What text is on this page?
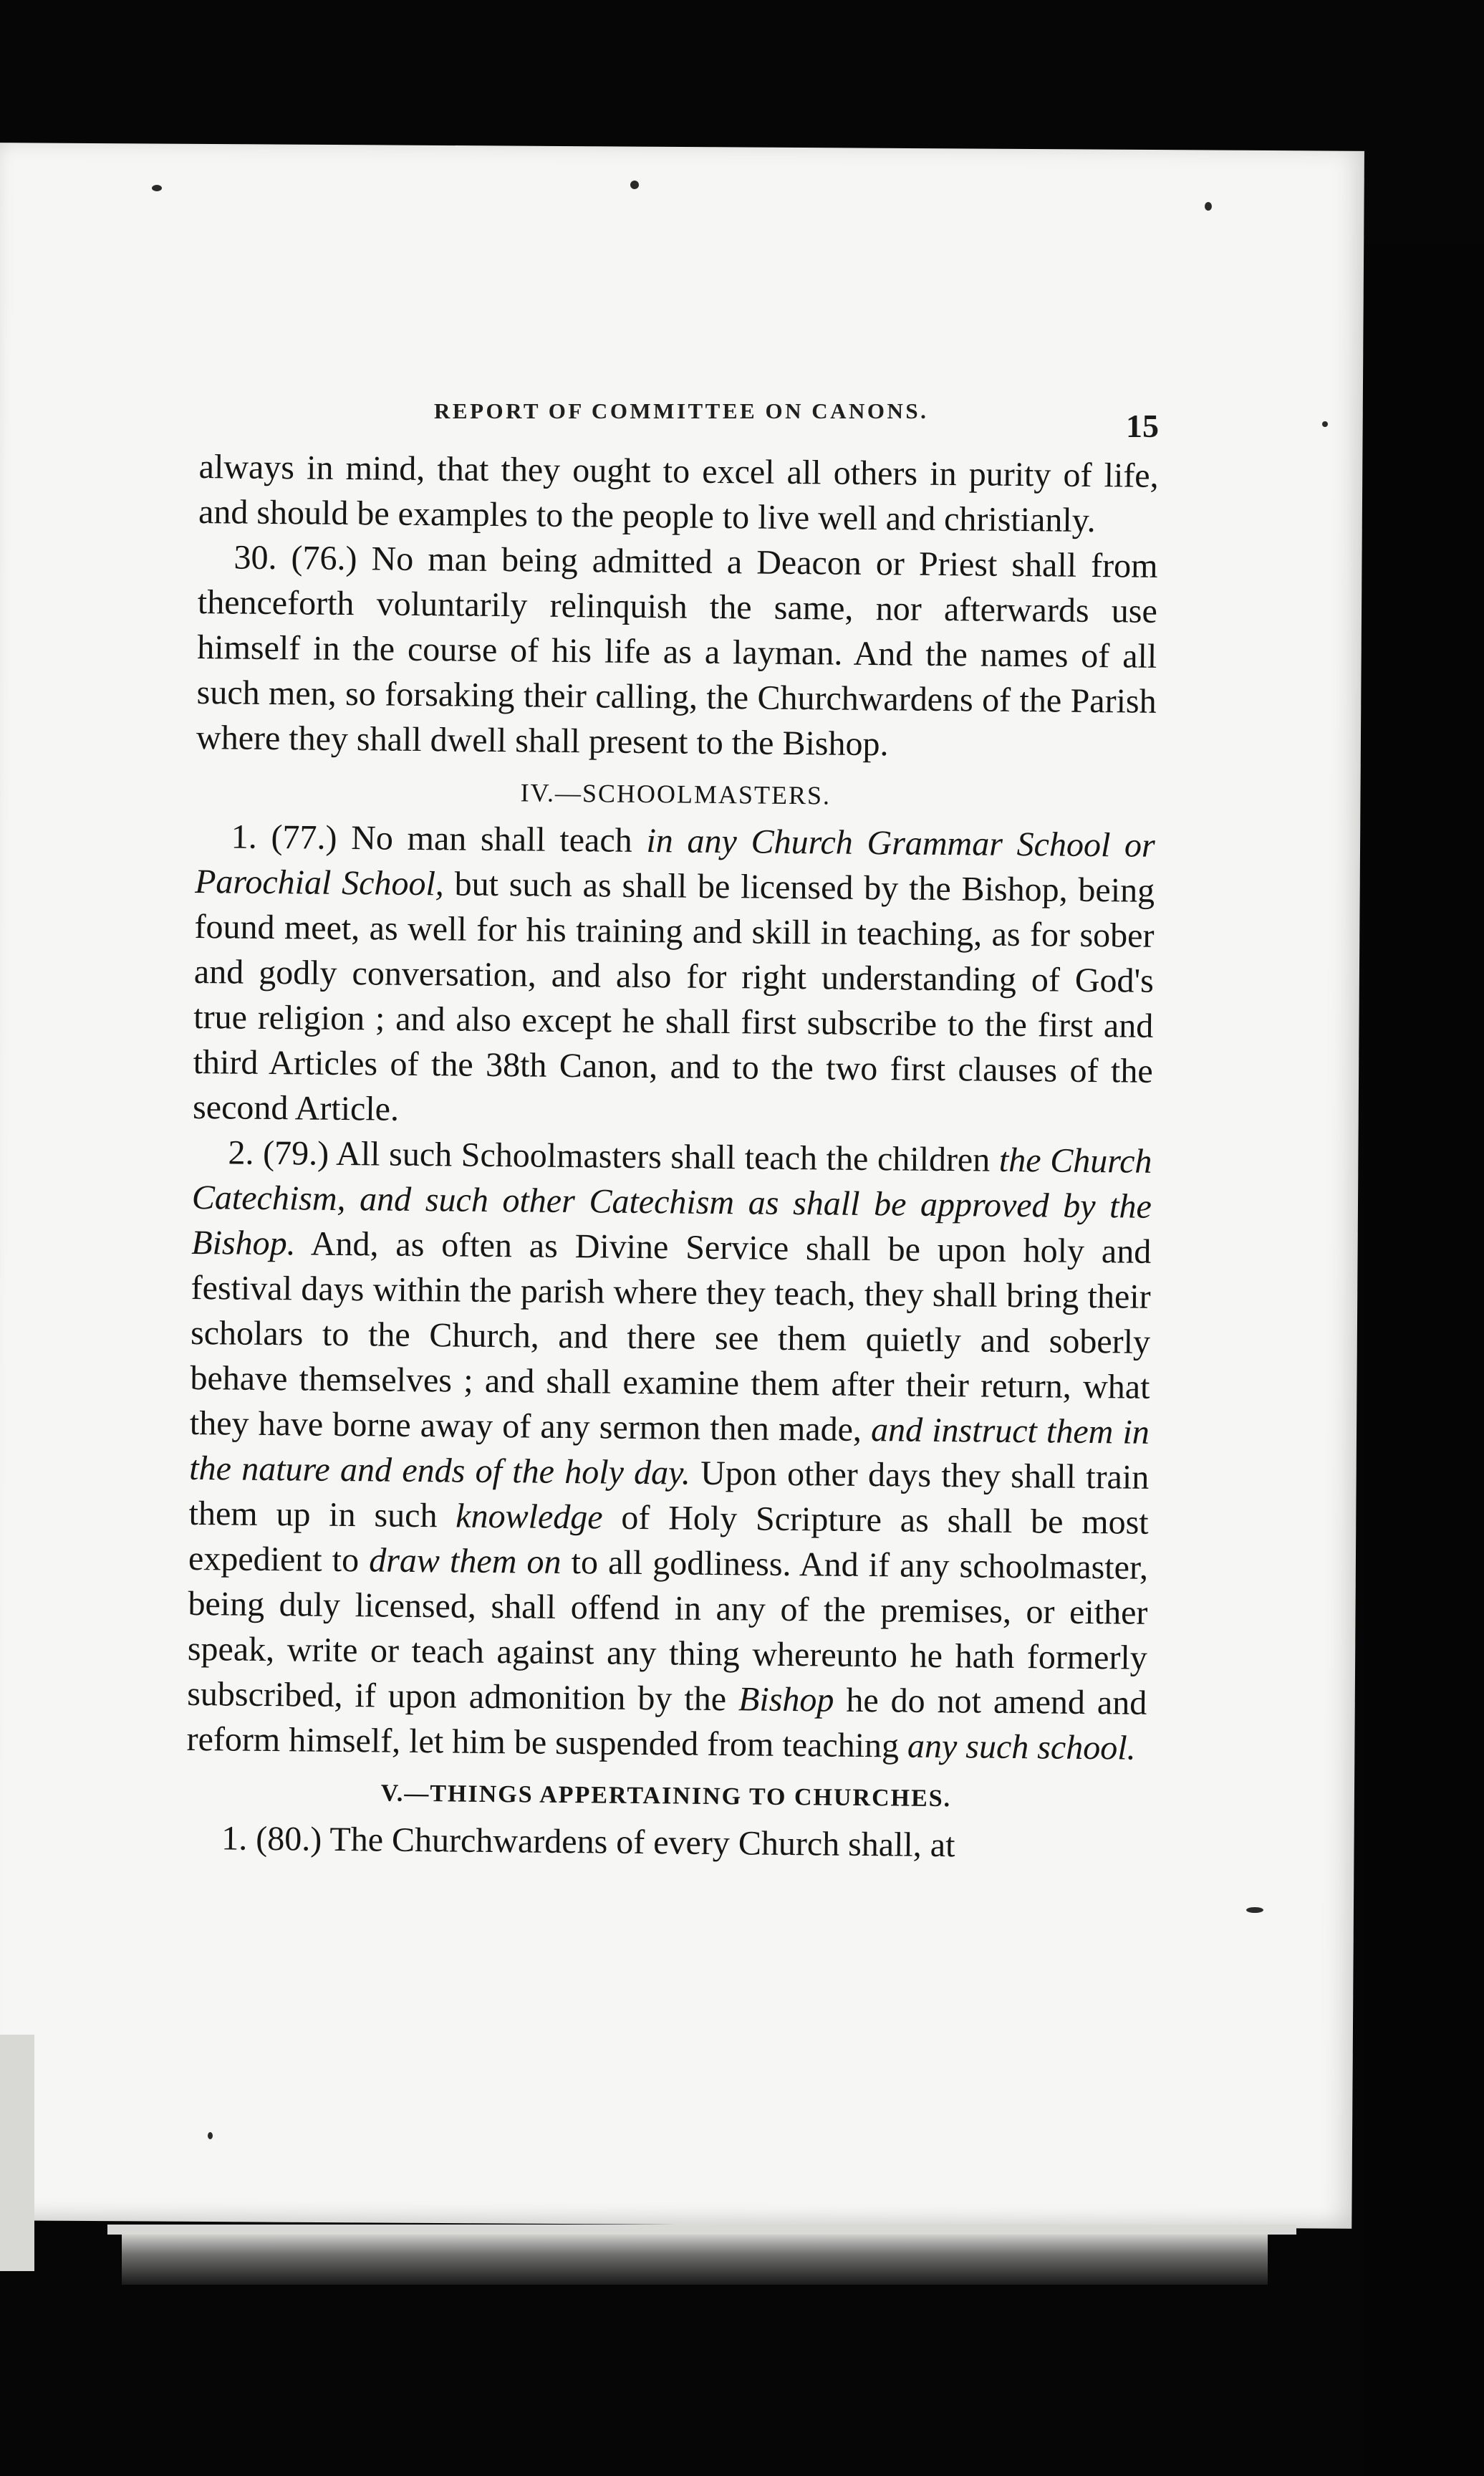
REPORT OF COMMITTEE ON CANONS.	15

always in mind, that they ought to excel all others in purity of life, and should be examples to the people to live well and christianly.

30. (76.) No man being admitted a Deacon or Priest shall from thenceforth voluntarily relinquish the same, nor afterwards use himself in the course of his life as a layman. And the names of all such men, so forsaking their calling, the Churchwardens of the Parish where they shall dwell shall present to the Bishop.

IV.—SCHOOLMASTERS.

1. (77.) No man shall teach in any Church Grammar School or Parochial School, but such as shall be licensed by the Bishop, being found meet, as well for his training and skill in teaching, as for sober and godly conversation, and also for right understanding of God's true religion ; and also except he shall first subscribe to the first and third Articles of the 38th Canon, and to the two first clauses of the second Article.

2. (79.) All such Schoolmasters shall teach the children the Church Catechism, and such other Catechism as shall be approved by the Bishop. And, as often as Divine Service shall be upon holy and festival days within the parish where they teach, they shall bring their scholars to the Church, and there see them quietly and soberly behave themselves ; and shall examine them after their return, what they have borne away of any sermon then made, and instruct them in the nature and ends of the holy day. Upon other days they shall train them up in such knowledge of Holy Scripture as shall be most expedient to draw them on to all godliness. And if any schoolmaster, being duly licensed, shall offend in any of the premises, or either speak, write or teach against any thing whereunto he hath formerly subscribed, if upon admonition by the Bishop he do not amend and reform himself, let him be suspended from teaching any such school.

V.—THINGS APPERTAINING TO CHURCHES.

1. (80.) The Churchwardens of every Church shall, at
